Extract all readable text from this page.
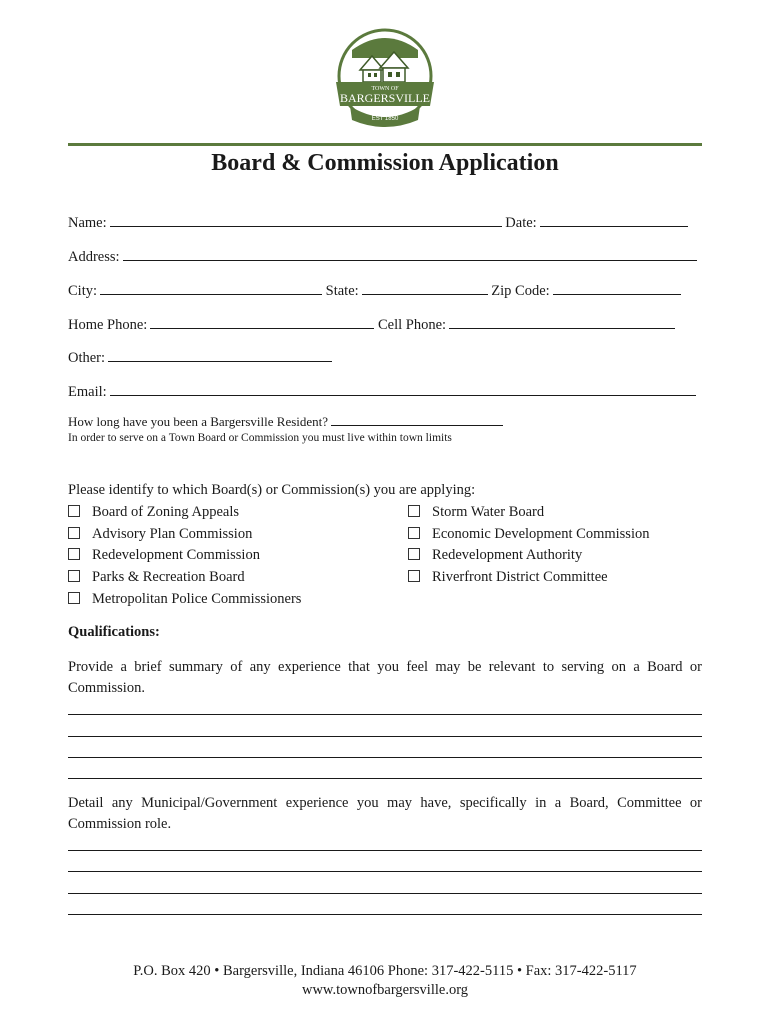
TOWN OF
BARGERSVILLE
EST 1850
Board & Commission Application
Name:	Date:
Address:
City:	State:	Zip Code:
Home Phone:	Cell Phone:
Other:
Email:
How long have you been a Bargersville Resident?
In order to serve on a Town Board or Commission you must live within town limits
Please identify to which Board(s) or Commission(s) you are applying:
Board of Zoning Appeals
Advisory Plan Commission
Redevelopment Commission
Parks & Recreation Board
Metropolitan Police Commissioners
Storm Water Board
Economic Development Commission
Redevelopment Authority
Riverfront District Committee
Qualifications:
Provide a brief summary of any experience that you feel may be relevant to serving on a Board or Commission.
Detail any Municipal/Government experience you may have, specifically in a Board, Committee or Commission role.
P.O. Box 420 • Bargersville, Indiana 46106 Phone: 317-422-5115 • Fax: 317-422-5117
www.townofbargersville.org
